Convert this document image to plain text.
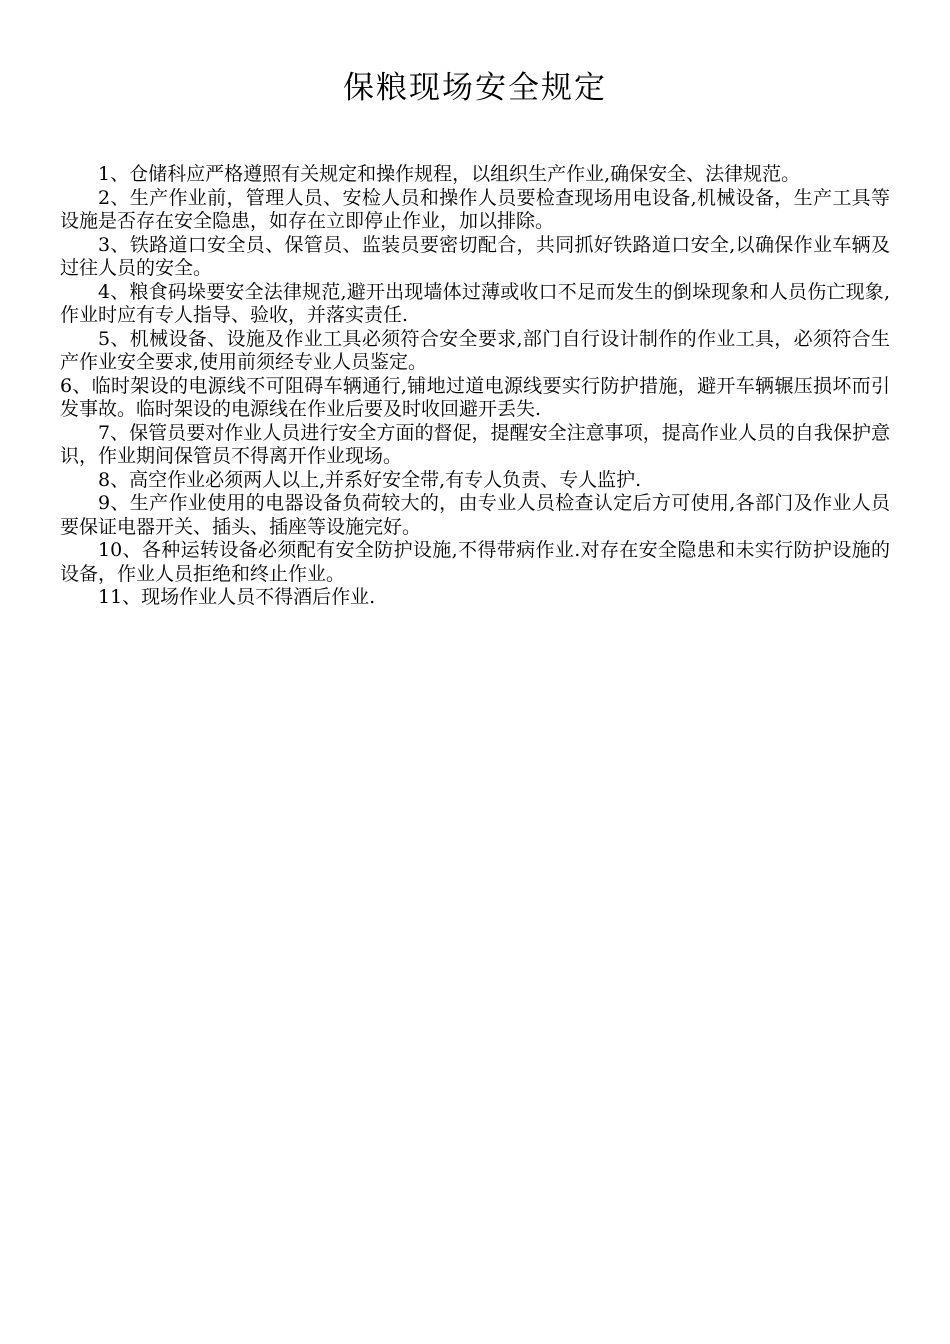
保粮现场安全规定

1、仓储科应严格遵照有关规定和操作规程，以组织生产作业,确保安全、法律规范。

2、生产作业前，管理人员、安检人员和操作人员要检查现场用电设备,机械设备，生产工具等设施是否存在安全隐患，如存在立即停止作业，加以排除。

3、铁路道口安全员、保管员、监装员要密切配合，共同抓好铁路道口安全,以确保作业车辆及过往人员的安全。

4、粮食码垛要安全法律规范,避开出现墙体过薄或收口不足而发生的倒垛现象和人员伤亡现象,作业时应有专人指导、验收，并落实责任.

5、机械设备、设施及作业工具必须符合安全要求,部门自行设计制作的作业工具，必须符合生产作业安全要求,使用前须经专业人员鉴定。

6、临时架设的电源线不可阻碍车辆通行,铺地过道电源线要实行防护措施，避开车辆辗压损坏而引发事故。临时架设的电源线在作业后要及时收回避开丢失.

7、保管员要对作业人员进行安全方面的督促，提醒安全注意事项，提高作业人员的自我保护意识，作业期间保管员不得离开作业现场。

8、高空作业必须两人以上,并系好安全带,有专人负责、专人监护.

9、生产作业使用的电器设备负荷较大的，由专业人员检查认定后方可使用,各部门及作业人员要保证电器开关、插头、插座等设施完好。

10、各种运转设备必须配有安全防护设施,不得带病作业.对存在安全隐患和未实行防护设施的设备，作业人员拒绝和终止作业。

11、现场作业人员不得酒后作业.
